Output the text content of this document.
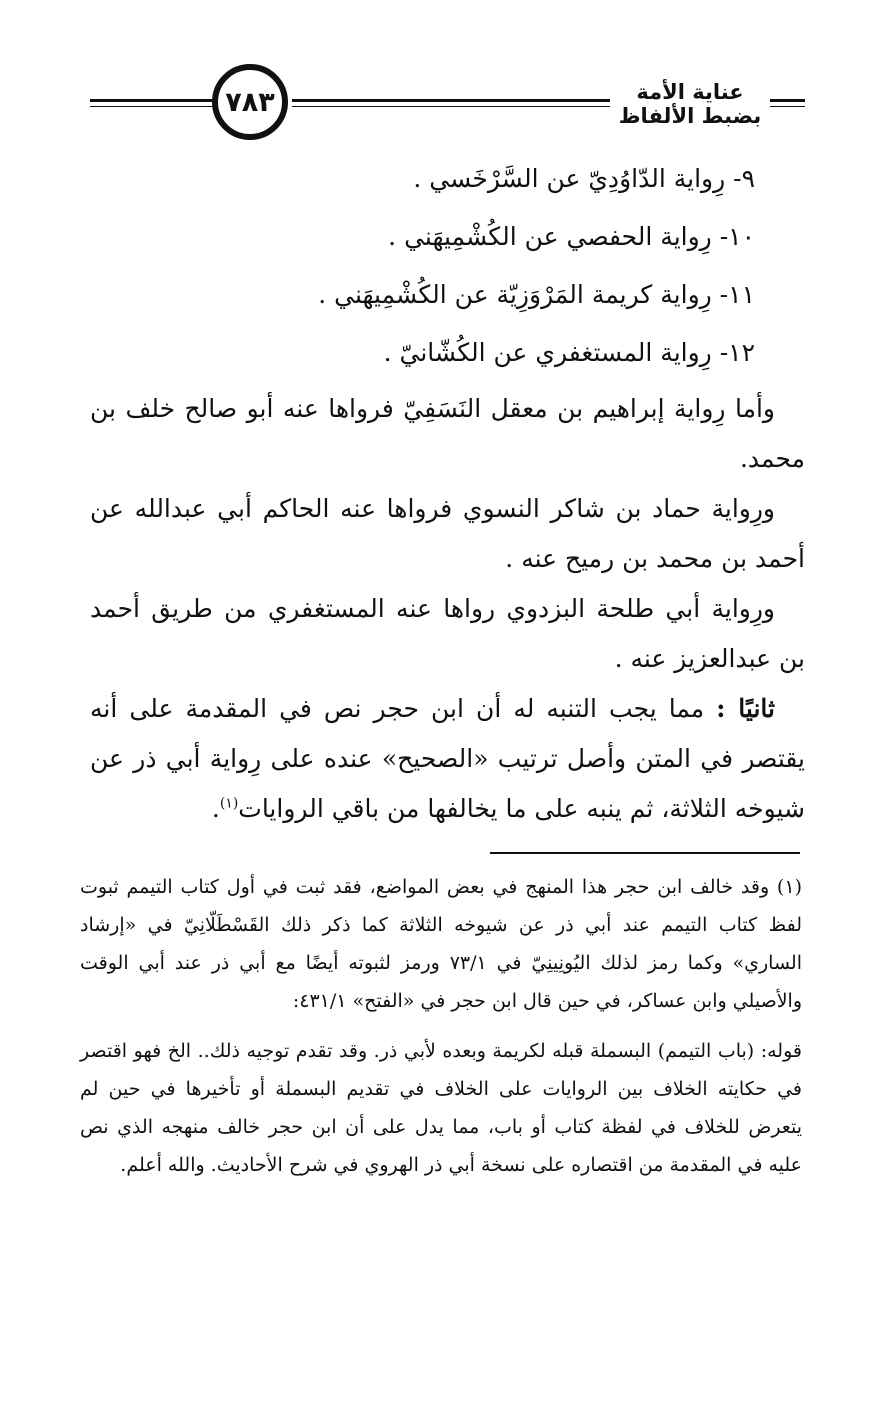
٧٨٣	عناية الأمة بضبط الألفاظ
٩- رِواية الدّاوُدِيّ عن السَّرْخَسي .
١٠- رِواية الحفصي عن الكُشْمِيهَني .
١١- رِواية كريمة المَرْوَزِيّة عن الكُشْمِيهَني .
١٢- رِواية المستغفري عن الكُشّانيّ .

وأما رِواية إبراهيم بن معقل النَسَفِيّ فرواها عنه أبو صالح خلف بن محمد.

ورِواية حماد بن شاكر النسوي فرواها عنه الحاكم أبي عبدالله عن أحمد بن محمد بن رميح عنه .

ورِواية أبي طلحة البزدوي رواها عنه المستغفري من طريق أحمد بن عبدالعزيز عنه .

ثانيًا : مما يجب التنبه له أن ابن حجر نص في المقدمة على أنه يقتصر في المتن وأصل ترتيب «الصحيح» عنده على رِواية أبي ذر عن شيوخه الثلاثة، ثم ينبه على ما يخالفها من باقي الروايات$^{(١)}$.

(١) وقد خالف ابن حجر هذا المنهج في بعض المواضع، فقد ثبت في أول كتاب التيمم ثبوت لفظ كتاب التيمم عند أبي ذر عن شيوخه الثلاثة كما ذكر ذلك القَسْطَلّانِيّ في «إرشاد الساري» وكما رمز لذلك اليُونِينِيّ في ٧٣/١ ورمز لثبوته أيضًا مع أبي ذر عند أبي الوقت والأصيلي وابن عساكر، في حين قال ابن حجر في «الفتح» ٤٣١/١:

قوله: (باب التيمم) البسملة قبله لكريمة وبعده لأبي ذر. وقد تقدم توجيه ذلك.. الخ فهو اقتصر في حكايته الخلاف بين الروايات على الخلاف في تقديم البسملة أو تأخيرها في حين لم يتعرض للخلاف في لفظة كتاب أو باب، مما يدل على أن ابن حجر خالف منهجه الذي نص عليه في المقدمة من اقتصاره على نسخة أبي ذر الهروي في شرح الأحاديث. والله أعلم.
